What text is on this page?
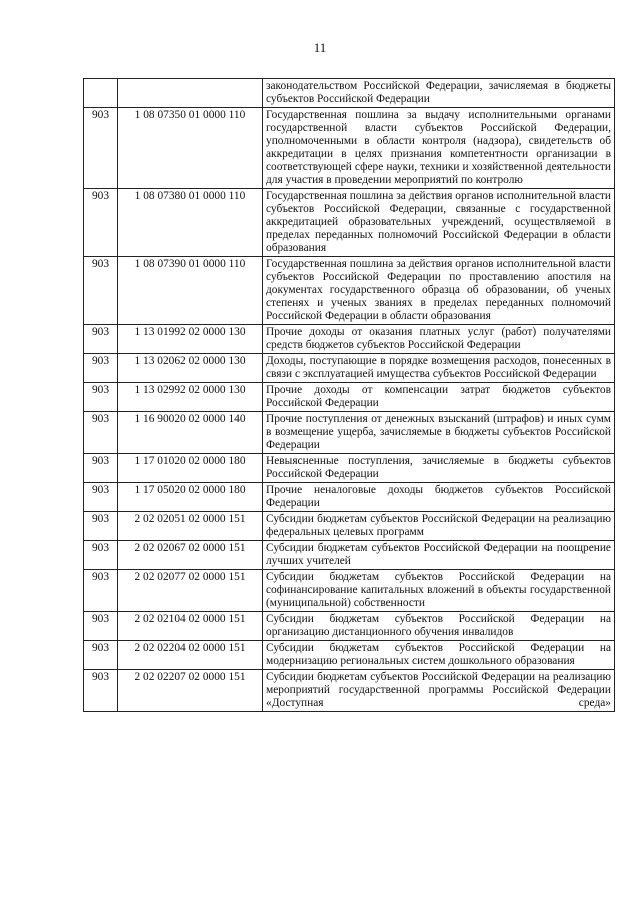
11
		законодательством Российской Федерации, зачисляемая в бюджеты субъектов Российской Федерации
903	1 08 07350 01 0000 110	Государственная пошлина за выдачу исполнительными органами государственной власти субъектов Российской Федерации, уполномоченными в области контроля (надзора), свидетельств об аккредитации в целях признания компетентности организации в соответствующей сфере науки, техники и хозяйственной деятельности для участия в проведении мероприятий по контролю
903	1 08 07380 01 0000 110	Государственная пошлина за действия органов исполнительной власти субъектов Российской Федерации, связанные с государственной аккредитацией образовательных учреждений, осуществляемой в пределах переданных полномочий Российской Федерации в области образования
903	1 08 07390 01 0000 110	Государственная пошлина за действия органов исполнительной власти субъектов Российской Федерации по проставлению апостиля на документах государственного образца об образовании, об ученых степенях и ученых званиях в пределах переданных полномочий Российской Федерации в области образования
903	1 13 01992 02 0000 130	Прочие доходы от оказания платных услуг (работ) получателями средств бюджетов субъектов Российской Федерации
903	1 13 02062 02 0000 130	Доходы, поступающие в порядке возмещения расходов, понесенных в связи с эксплуатацией имущества субъектов Российской Федерации
903	1 13 02992 02 0000 130	Прочие доходы от компенсации затрат бюджетов субъектов Российской Федерации
903	1 16 90020 02 0000 140	Прочие поступления от денежных взысканий (штрафов) и иных сумм в возмещение ущерба, зачисляемые в бюджеты субъектов Российской Федерации
903	1 17 01020 02 0000 180	Невыясненные поступления, зачисляемые в бюджеты субъектов Российской Федерации
903	1 17 05020 02 0000 180	Прочие неналоговые доходы бюджетов субъектов Российской Федерации
903	2 02 02051 02 0000 151	Субсидии бюджетам субъектов Российской Федерации на реализацию федеральных целевых программ
903	2 02 02067 02 0000 151	Субсидии бюджетам субъектов Российской Федерации на поощрение лучших учителей
903	2 02 02077 02 0000 151	Субсидии бюджетам субъектов Российской Федерации на софинансирование капитальных вложений в объекты государственной (муниципальной) собственности
903	2 02 02104 02 0000 151	Субсидии бюджетам субъектов Российской Федерации на организацию дистанционного обучения инвалидов
903	2 02 02204 02 0000 151	Субсидии бюджетам субъектов Российской Федерации на модернизацию региональных систем дошкольного образования
903	2 02 02207 02 0000 151	Субсидии бюджетам субъектов Российской Федерации на реализацию мероприятий государственной программы Российской Федерации «Доступная среда»
